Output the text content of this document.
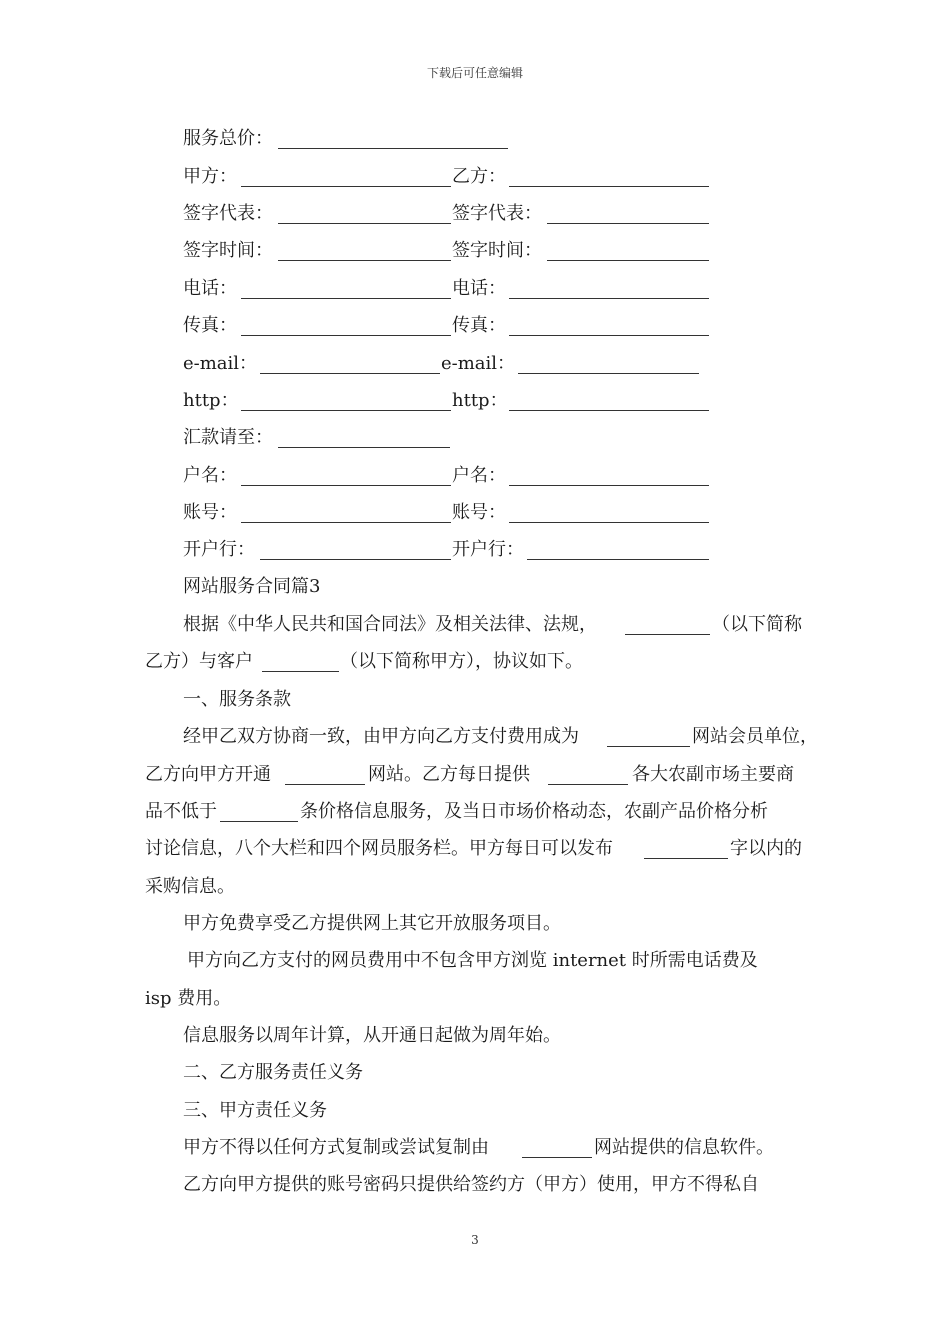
下载后可任意编辑
服务总价：
甲方：	乙方：
签字代表：	签字代表：
签字时间：	签字时间：
电话：	电话：
传真：	传真：
e-mail：	e-mail：
http：	http：
汇款请至：
户名：	户名：
账号：	账号：
开户行：	开户行：
网站服务合同篇3
根据《中华人民共和国合同法》及相关法律、法规，	（以下简称
乙方）与客户	（以下简称甲方），协议如下。
一、服务条款
经甲乙双方协商一致，由甲方向乙方支付费用成为	网站会员单位，
乙方向甲方开通	网站。乙方每日提供	各大农副市场主要商
品不低于	条价格信息服务，及当日市场价格动态，农副产品价格分析
讨论信息，八个大栏和四个网员服务栏。甲方每日可以发布	字以内的
采购信息。
甲方免费享受乙方提供网上其它开放服务项目。
甲方向乙方支付的网员费用中不包含甲方浏览 internet 时所需电话费及
isp 费用。
信息服务以周年计算，从开通日起做为周年始。
二、乙方服务责任义务
三、甲方责任义务
甲方不得以任何方式复制或尝试复制由	网站提供的信息软件。
乙方向甲方提供的账号密码只提供给签约方（甲方）使用，甲方不得私自
3
